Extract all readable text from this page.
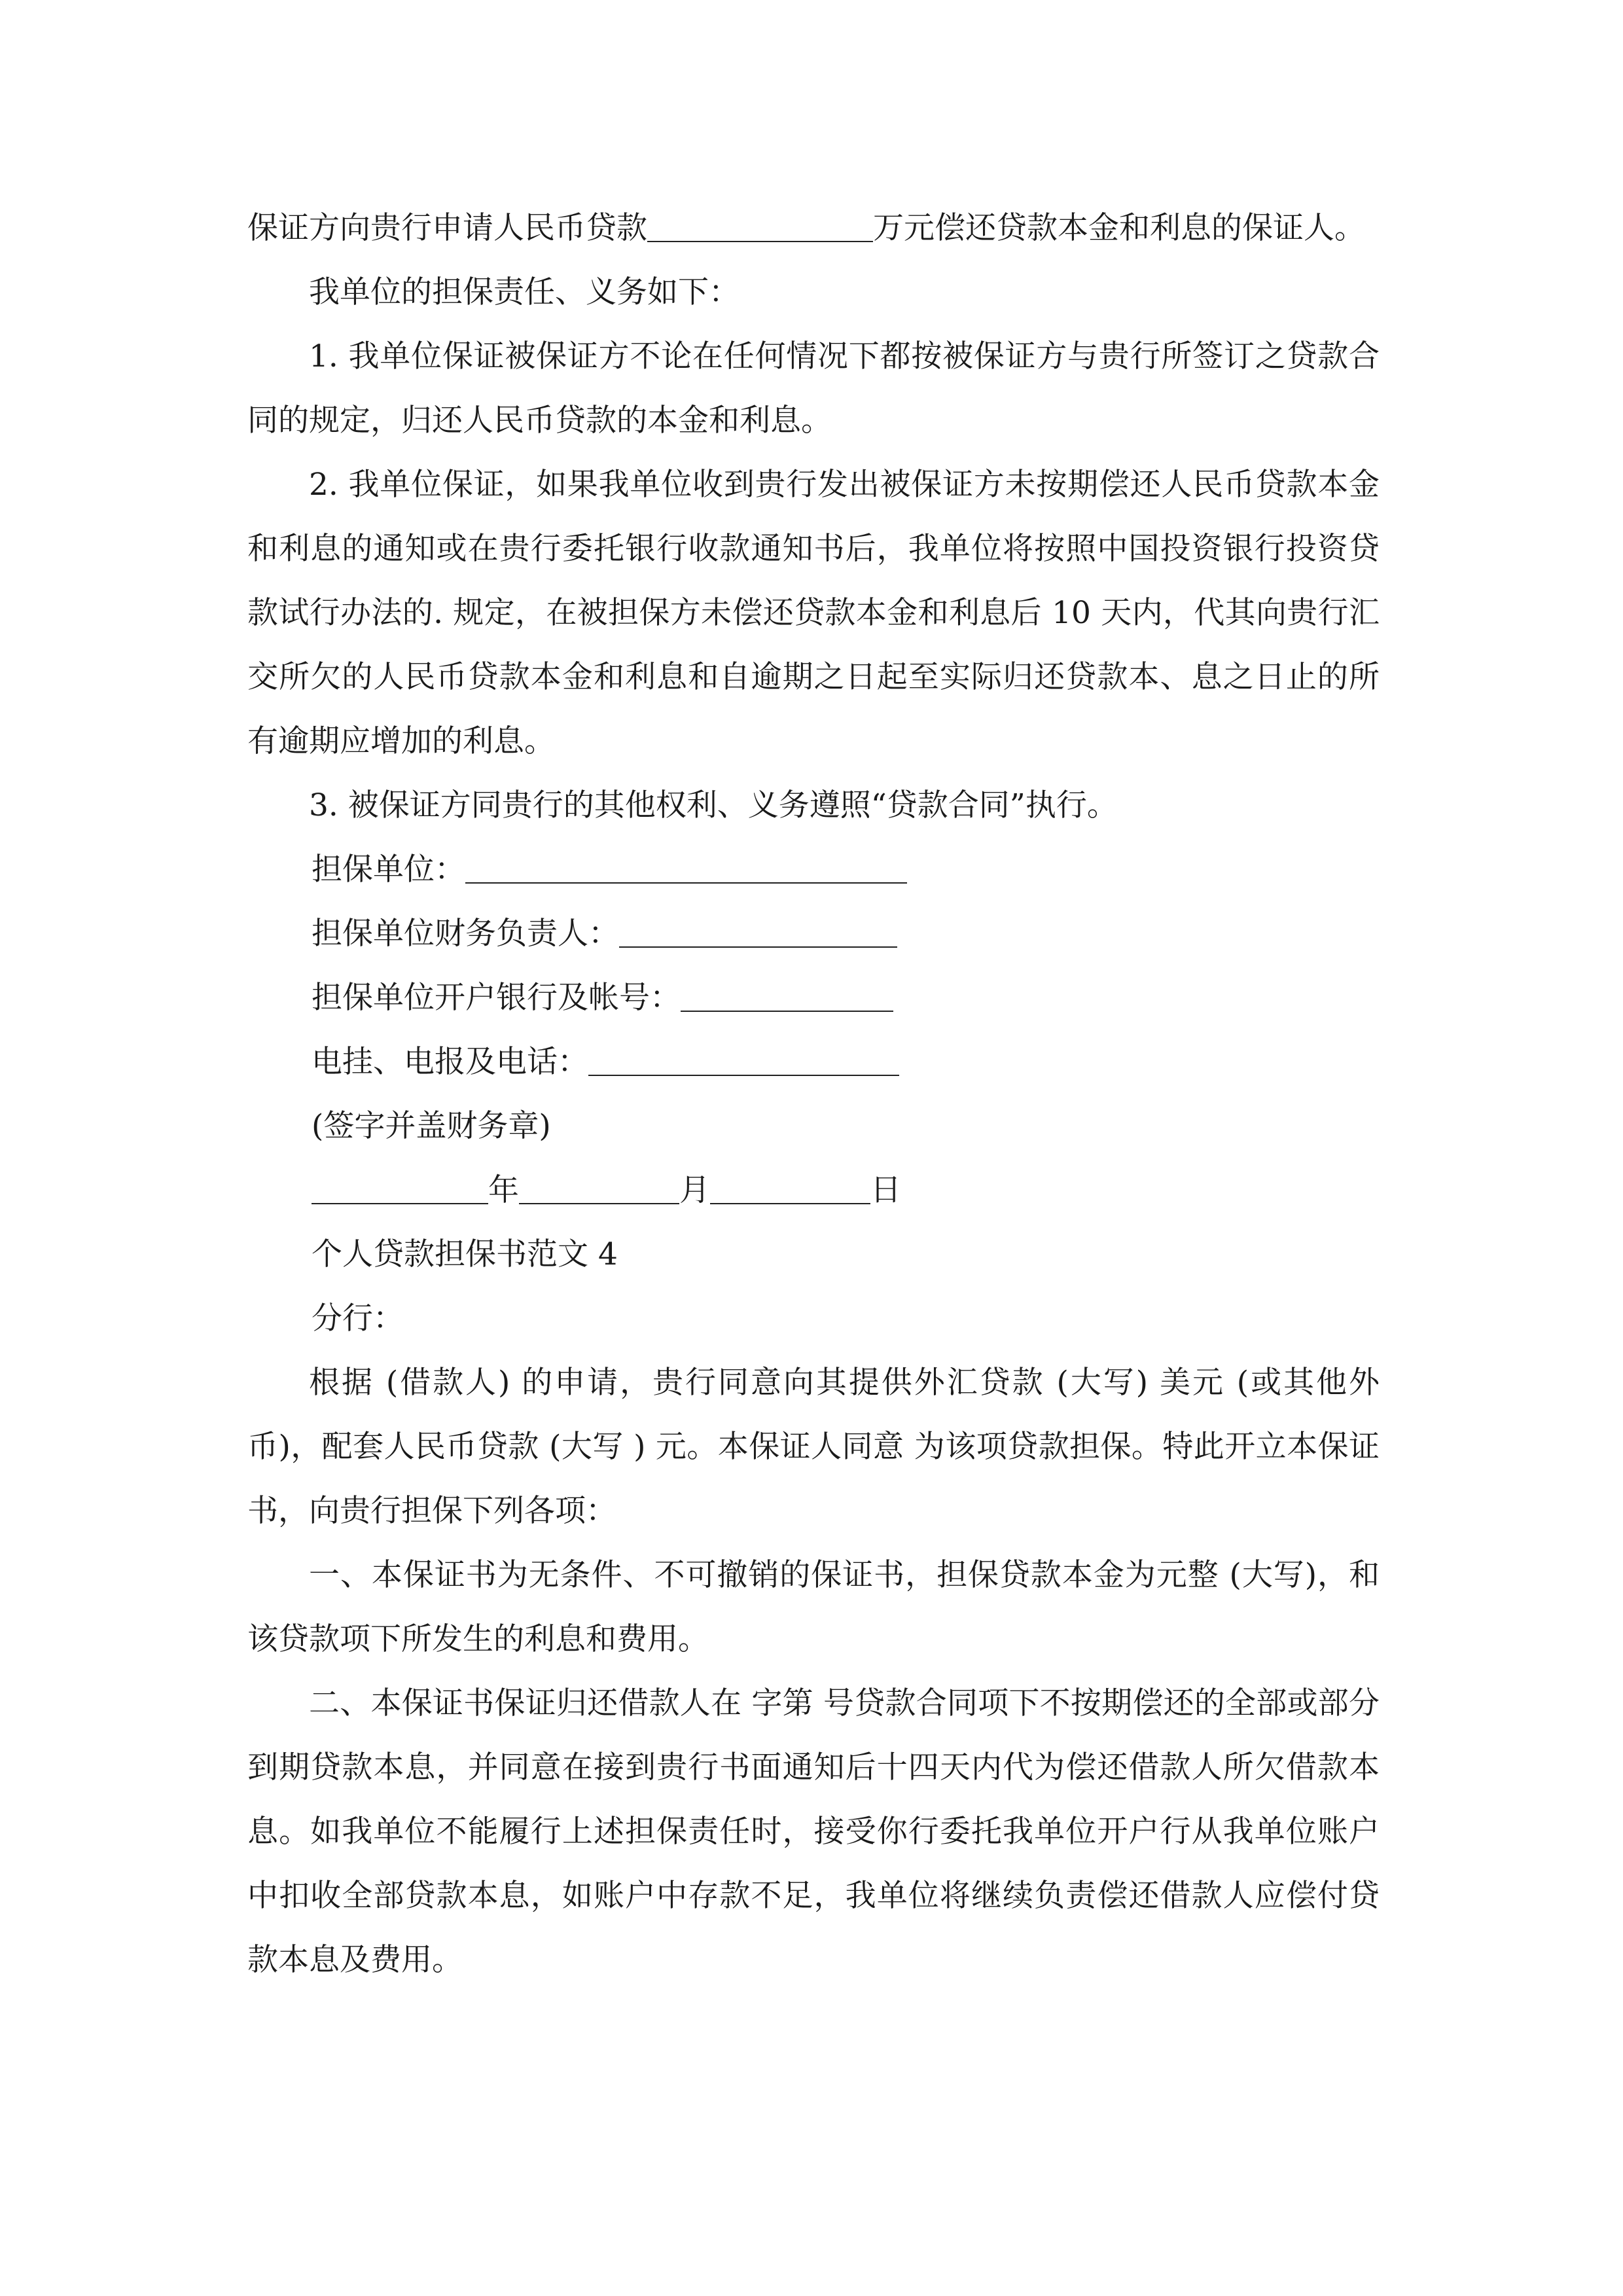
保证方向贵行申请人民币贷款	万元偿还贷款本金和利息的保证人。

我单位的担保责任、义务如下：

1. 我单位保证被保证方不论在任何情况下都按被保证方与贵行所签订之贷款合同的规定，归还人民币贷款的本金和利息。

2. 我单位保证，如果我单位收到贵行发出被保证方未按期偿还人民币贷款本金和利息的通知或在贵行委托银行收款通知书后，我单位将按照中国投资银行投资贷款试行办法的. 规定，在被担保方未偿还贷款本金和利息后 10 天内，代其向贵行汇交所欠的人民币贷款本金和利息和自逾期之日起至实际归还贷款本、息之日止的所有逾期应增加的利息。

3. 被保证方同贵行的其他权利、义务遵照“贷款合同”执行。

担保单位：
担保单位财务负责人：
担保单位开户银行及帐号：
电挂、电报及电话：
(签字并盖财务章)
年	月	日
个人贷款担保书范文 4
分行：

根据 (借款人) 的申请，贵行同意向其提供外汇贷款 (大写) 美元 (或其他外币)，配套人民币贷款 (大写 ) 元。本保证人同意 为该项贷款担保。特此开立本保证书，向贵行担保下列各项：

一、本保证书为无条件、不可撤销的保证书，担保贷款本金为元整 (大写)，和该贷款项下所发生的利息和费用。

二、本保证书保证归还借款人在 字第 号贷款合同项下不按期偿还的全部或部分到期贷款本息，并同意在接到贵行书面通知后十四天内代为偿还借款人所欠借款本息。如我单位不能履行上述担保责任时，接受你行委托我单位开户行从我单位账户中扣收全部贷款本息，如账户中存款不足，我单位将继续负责偿还借款人应偿付贷款本息及费用。
